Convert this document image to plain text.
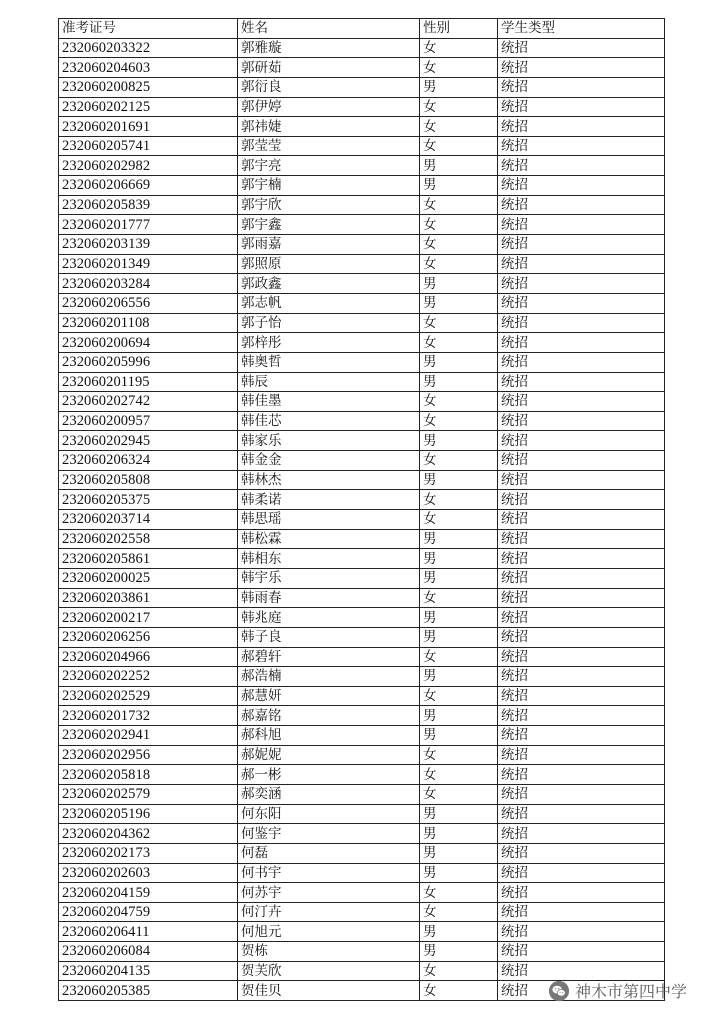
准考证号	姓名	性别	学生类型
232060203322	郭雅璇	女	统招
232060204603	郭研茹	女	统招
232060200825	郭衍良	男	统招
232060202125	郭伊婷	女	统招
232060201691	郭祎婕	女	统招
232060205741	郭莹莹	女	统招
232060202982	郭宇亮	男	统招
232060206669	郭宇楠	男	统招
232060205839	郭宇欣	女	统招
232060201777	郭宇鑫	女	统招
232060203139	郭雨嘉	女	统招
232060201349	郭照原	女	统招
232060203284	郭政鑫	男	统招
232060206556	郭志帆	男	统招
232060201108	郭子怡	女	统招
232060200694	郭梓彤	女	统招
232060205996	韩奥哲	男	统招
232060201195	韩辰	男	统招
232060202742	韩佳墨	女	统招
232060200957	韩佳芯	女	统招
232060202945	韩家乐	男	统招
232060206324	韩金金	女	统招
232060205808	韩林杰	男	统招
232060205375	韩柔诺	女	统招
232060203714	韩思瑶	女	统招
232060202558	韩松霖	男	统招
232060205861	韩相东	男	统招
232060200025	韩宇乐	男	统招
232060203861	韩雨春	女	统招
232060200217	韩兆庭	男	统招
232060206256	韩子良	男	统招
232060204966	郝碧轩	女	统招
232060202252	郝浩楠	男	统招
232060202529	郝慧妍	女	统招
232060201732	郝嘉铭	男	统招
232060202941	郝科旭	男	统招
232060202956	郝妮妮	女	统招
232060205818	郝一彬	女	统招
232060202579	郝奕涵	女	统招
232060205196	何东阳	男	统招
232060204362	何鉴宇	男	统招
232060202173	何磊	男	统招
232060202603	何书宇	男	统招
232060204159	何苏宇	女	统招
232060204759	何汀卉	女	统招
232060206411	何旭元	男	统招
232060206084	贺栋	男	统招
232060204135	贺芙欣	女	统招
232060205385	贺佳贝	女	统招	神木市第四中学
